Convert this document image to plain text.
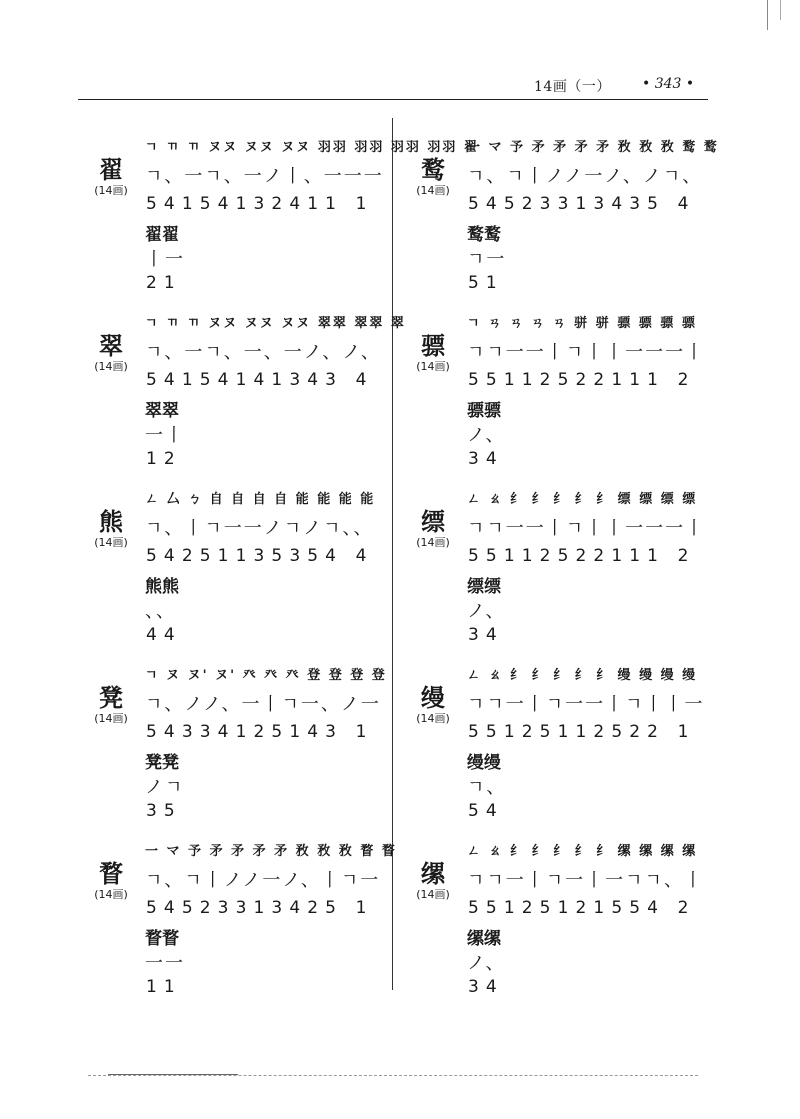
14画（一） • 343 •
翟
(14画)
ㄱ ㄲ ㄲ ヌヌ ヌヌ ヌヌ 羽羽 羽羽 羽羽 羽羽 翟
ㄱ、一ㄱ、一ノ丨、一一一
54154132411 1
翟翟
丨一
21
翠
(14画)
ㄱ ㄲ ㄲ ヌヌ ヌヌ ヌヌ 翠翠 翠翠 翠
ㄱ、一ㄱ、一、一ノ、ノ、
54154141343 4
翠翠
一丨
12
熊
(14画)
ㄥ 厶 ㄅ 自 自 自 自 能 能 能 能
ㄱ、丨ㄱ一一ノㄱノㄱ、、
54251135354 4
熊熊
、、
44
凳
(14画)
ㄱ ヌ ヌ' ヌ' 癶 癶 癶 登 登 登 登
ㄱ、ノノ、一丨ㄱ一、ノ一
54334125143 1
凳凳
ノㄱ
35
瞀
(14画)
一 マ 予 矛 矛 矛 矛 敄 敄 敄 瞀 瞀
ㄱ、ㄱ丨ノノ一ノ、丨ㄱ一
54523313425 1
瞀瞀
一一
11
鹜
(14画)
一 マ 予 矛 矛 矛 矛 敄 敄 敄 鹜 鹜
ㄱ、ㄱ丨ノノ一ノ、ノㄱ、
54523313435 4
鹜鹜
ㄱ一
51
骠
(14画)
ㄱ ㄢ ㄢ ㄢ ㄢ 骈 骈 骠 骠 骠 骠
ㄱㄱ一一丨ㄱ丨丨一一一丨
55112522111 2
骠骠
ノ、
34
缥
(14画)
ㄥ ㄠ 纟 纟 纟 纟 纟 缥 缥 缥 缥
ㄱㄱ一一丨ㄱ丨丨一一一丨
55112522111 2
缥缥
ノ、
34
缦
(14画)
ㄥ ㄠ 纟 纟 纟 纟 纟 缦 缦 缦 缦
ㄱㄱ一丨ㄱ一一丨ㄱ丨丨一
55125112522 1
缦缦
ㄱ、
54
缧
(14画)
ㄥ ㄠ 纟 纟 纟 纟 纟 缧 缧 缧 缧
ㄱㄱ一丨ㄱ一丨一ㄱㄱ、丨
55125121554 2
缧缧
ノ、
34
